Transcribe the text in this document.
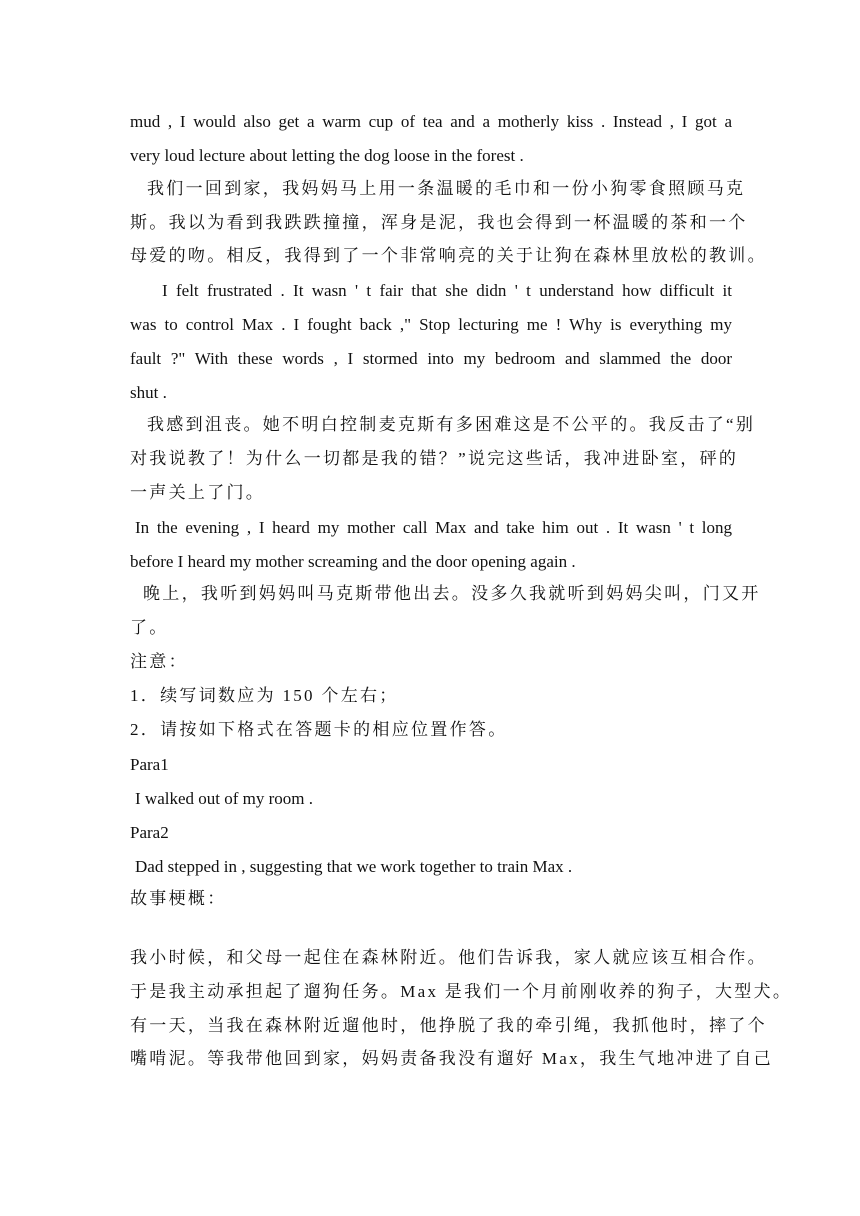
mud , I would also get a warm cup of tea and a motherly kiss . Instead , I got a
very loud lecture about letting the dog loose in the forest .
我们一回到家，我妈妈马上用一条温暖的毛巾和一份小狗零食照顾马克
斯。我以为看到我跌跌撞撞，浑身是泥，我也会得到一杯温暖的茶和一个
母爱的吻。相反，我得到了一个非常响亮的关于让狗在森林里放松的教训。
I felt frustrated . It wasn ' t fair that she didn ' t understand how difficult it
was to control Max . I fought back ," Stop lecturing me ! Why is everything my
fault ?" With these words , I stormed into my bedroom and slammed the door
shut .
我感到沮丧。她不明白控制麦克斯有多困难这是不公平的。我反击了“别
对我说教了！为什么一切都是我的错？”说完这些话，我冲进卧室，砰的
一声关上了门。
In the evening , I heard my mother call Max and take him out . It wasn ' t long
before I heard my mother screaming and the door opening again .
晚上，我听到妈妈叫马克斯带他出去。没多久我就听到妈妈尖叫，门又开
了。
注意：
1．续写词数应为 150 个左右；
2．请按如下格式在答题卡的相应位置作答。
Para1
I walked out of my room .
Para2
Dad stepped in , suggesting that we work together to train Max .
故事梗概：
我小时候，和父母一起住在森林附近。他们告诉我，家人就应该互相合作。
于是我主动承担起了遛狗任务。Max 是我们一个月前刚收养的狗子，大型犬。
有一天，当我在森林附近遛他时，他挣脱了我的牵引绳，我抓他时，摔了个
嘴啃泥。等我带他回到家，妈妈责备我没有遛好 Max，我生气地冲进了自己
